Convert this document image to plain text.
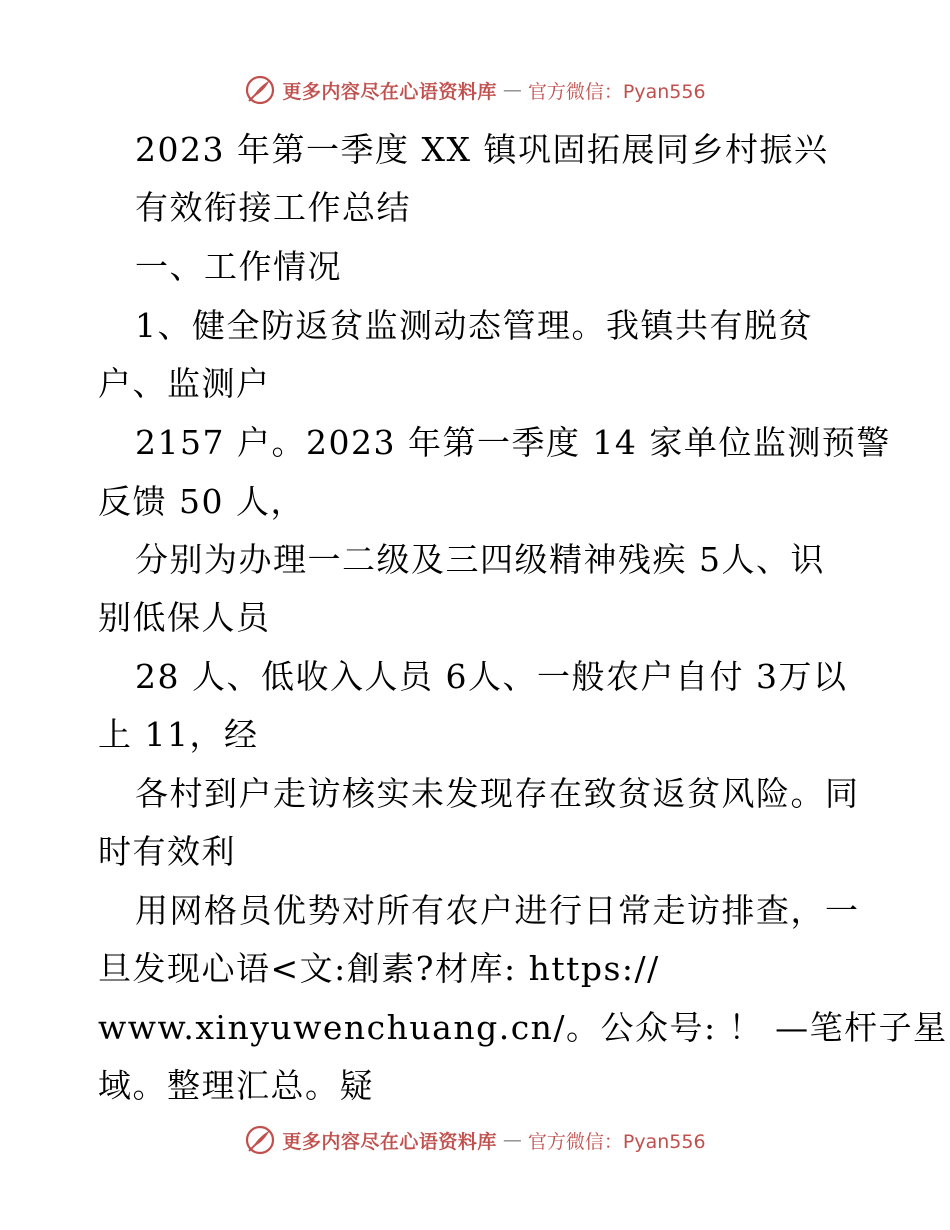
更多内容尽在心语资料库 — 官方微信：Pyan556
2023 年第一季度 XX 镇巩固拓展同乡村振兴
有效衔接工作总结
一、工作情况
1、健全防返贫监测动态管理。我镇共有脱贫
户、监测户
2157 户。2023 年第一季度 14 家单位监测预警
反馈 50 人，
分别为办理一二级及三四级精神残疾 5人、识
别低保人员
28 人、低收入人员 6人、一般农户自付 3万以
上 11，经
各村到户走访核实未发现存在致贫返贫风险。同
时有效利
用网格员优势对所有农户进行日常走访排查，一
旦发现心语<文:創素?材库: https://
www.xinyuwenchuang.cn/。公众号: ！ —笔杆子星
域。整理汇总。疑
更多内容尽在心语资料库 — 官方微信：Pyan556
